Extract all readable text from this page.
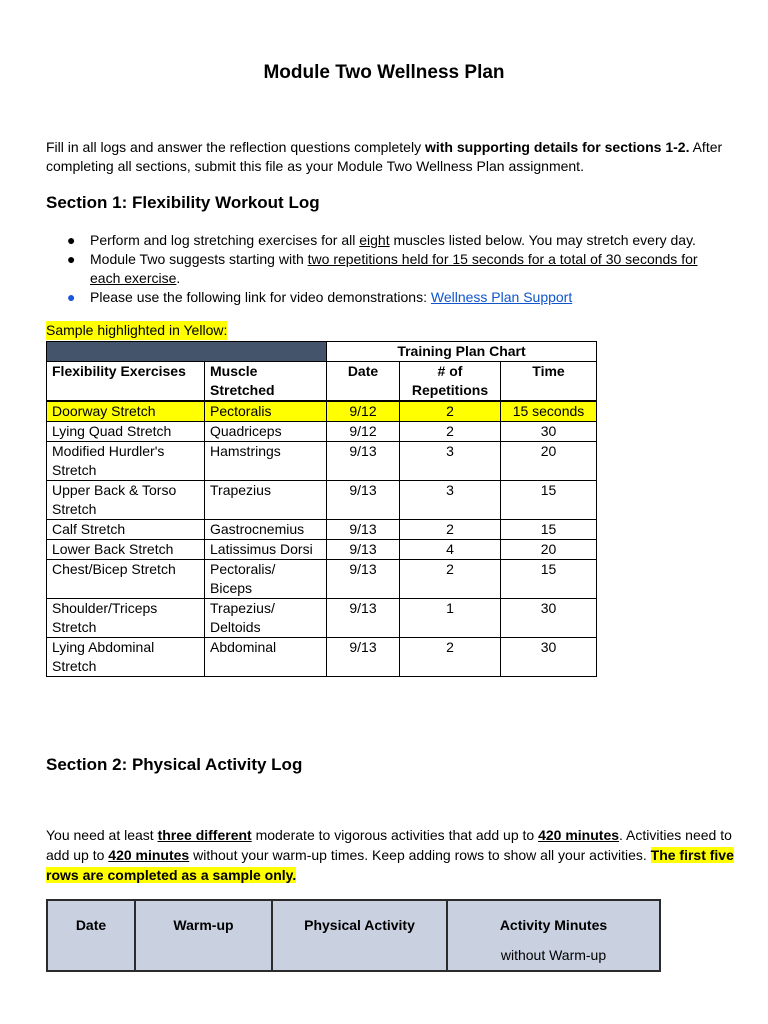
Module Two Wellness Plan
Fill in all logs and answer the reflection questions completely with supporting details for sections 1-2. After completing all sections, submit this file as your Module Two Wellness Plan assignment.
Section 1: Flexibility Workout Log
● Perform and log stretching exercises for all eight muscles listed below. You may stretch every day.
● Module Two suggests starting with two repetitions held for 15 seconds for a total of 30 seconds for each exercise.
● Please use the following link for video demonstrations: Wellness Plan Support
Sample highlighted in Yellow:
		Training Plan Chart		
Flexibility Exercises	Muscle Stretched	Date	# of Repetitions	Time
Doorway Stretch	Pectoralis	9/12	2	15 seconds
Lying Quad Stretch	Quadriceps	9/12	2	30
Modified Hurdler's Stretch	Hamstrings	9/13	3	20
Upper Back & Torso Stretch	Trapezius	9/13	3	15
Calf Stretch	Gastrocnemius	9/13	2	15
Lower Back Stretch	Latissimus Dorsi	9/13	4	20
Chest/Bicep Stretch	Pectoralis/ Biceps	9/13	2	15
Shoulder/Triceps Stretch	Trapezius/ Deltoids	9/13	1	30
Lying Abdominal Stretch	Abdominal	9/13	2	30
Section 2: Physical Activity Log
You need at least three different moderate to vigorous activities that add up to 420 minutes. Activities need to add up to 420 minutes without your warm-up times. Keep adding rows to show all your activities. The first five rows are completed as a sample only.
Date	Warm-up	Physical Activity	Activity Minutes
without Warm-up
